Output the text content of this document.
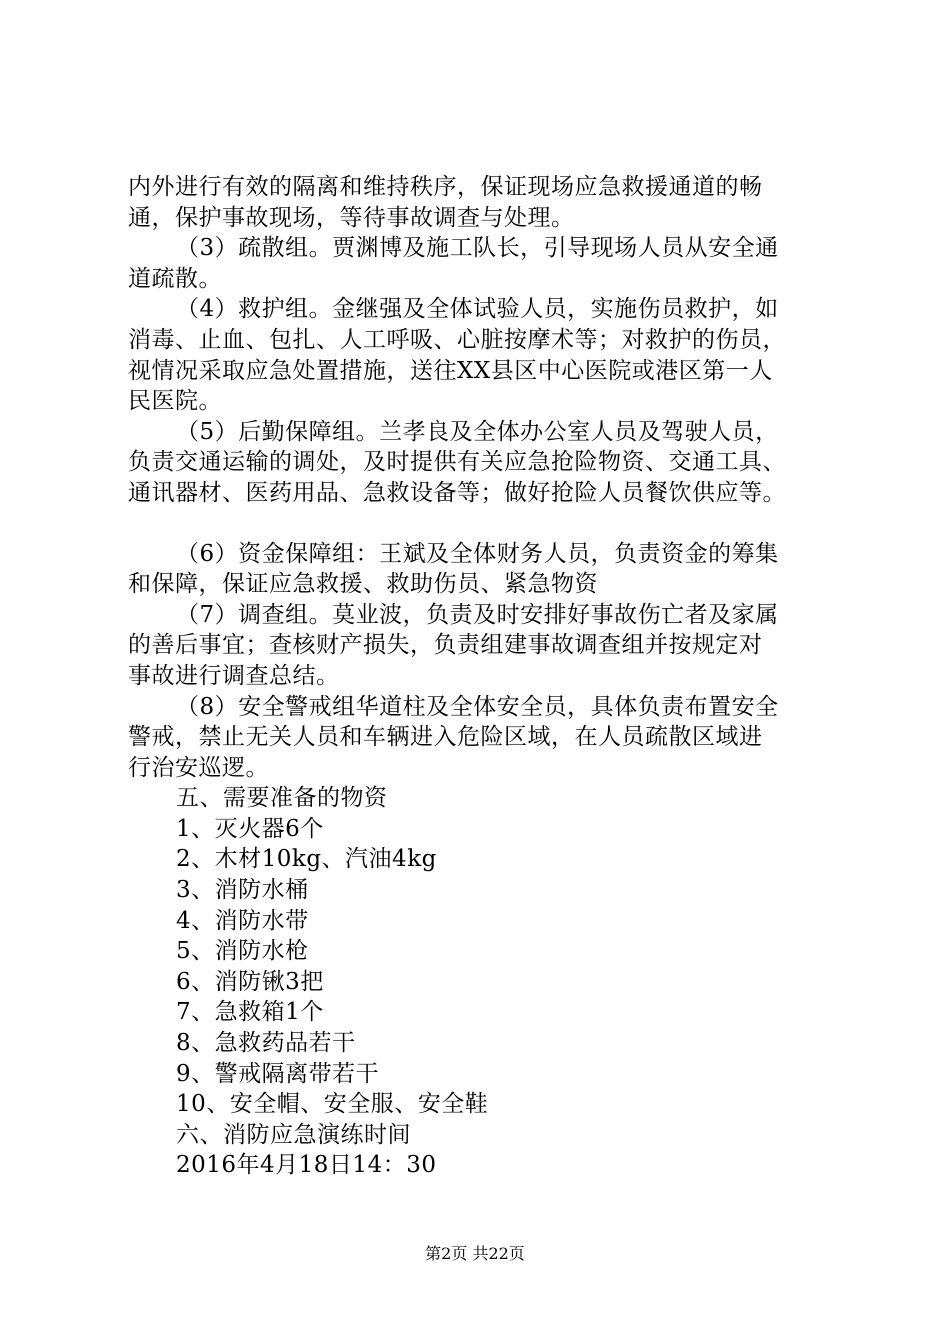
内外进行有效的隔离和维持秩序，保证现场应急救援通道的畅
通，保护事故现场，等待事故调查与处理。
（3）疏散组。贾渊博及施工队长，引导现场人员从安全通
道疏散。
（4）救护组。金继强及全体试验人员，实施伤员救护，如
消毒、止血、包扎、人工呼吸、心脏按摩术等；对救护的伤员，
视情况采取应急处置措施，送往XX县区中心医院或港区第一人
民医院。
（5）后勤保障组。兰孝良及全体办公室人员及驾驶人员，
负责交通运输的调处，及时提供有关应急抢险物资、交通工具、
通讯器材、医药用品、急救设备等；做好抢险人员餐饮供应等。
（6）资金保障组：王斌及全体财务人员，负责资金的筹集
和保障，保证应急救援、救助伤员、紧急物资
（7）调查组。莫业波，负责及时安排好事故伤亡者及家属
的善后事宜；查核财产损失，负责组建事故调查组并按规定对
事故进行调查总结。
（8）安全警戒组华道柱及全体安全员，具体负责布置安全
警戒，禁止无关人员和车辆进入危险区域，在人员疏散区域进
行治安巡逻。
五、需要准备的物资
1、灭火器6个
2、木材10kg、汽油4kg
3、消防水桶
4、消防水带
5、消防水枪
6、消防锹3把
7、急救箱1个
8、急救药品若干
9、警戒隔离带若干
10、安全帽、安全服、安全鞋
六、消防应急演练时间
2016年4月18日14：30
第2页 共22页
